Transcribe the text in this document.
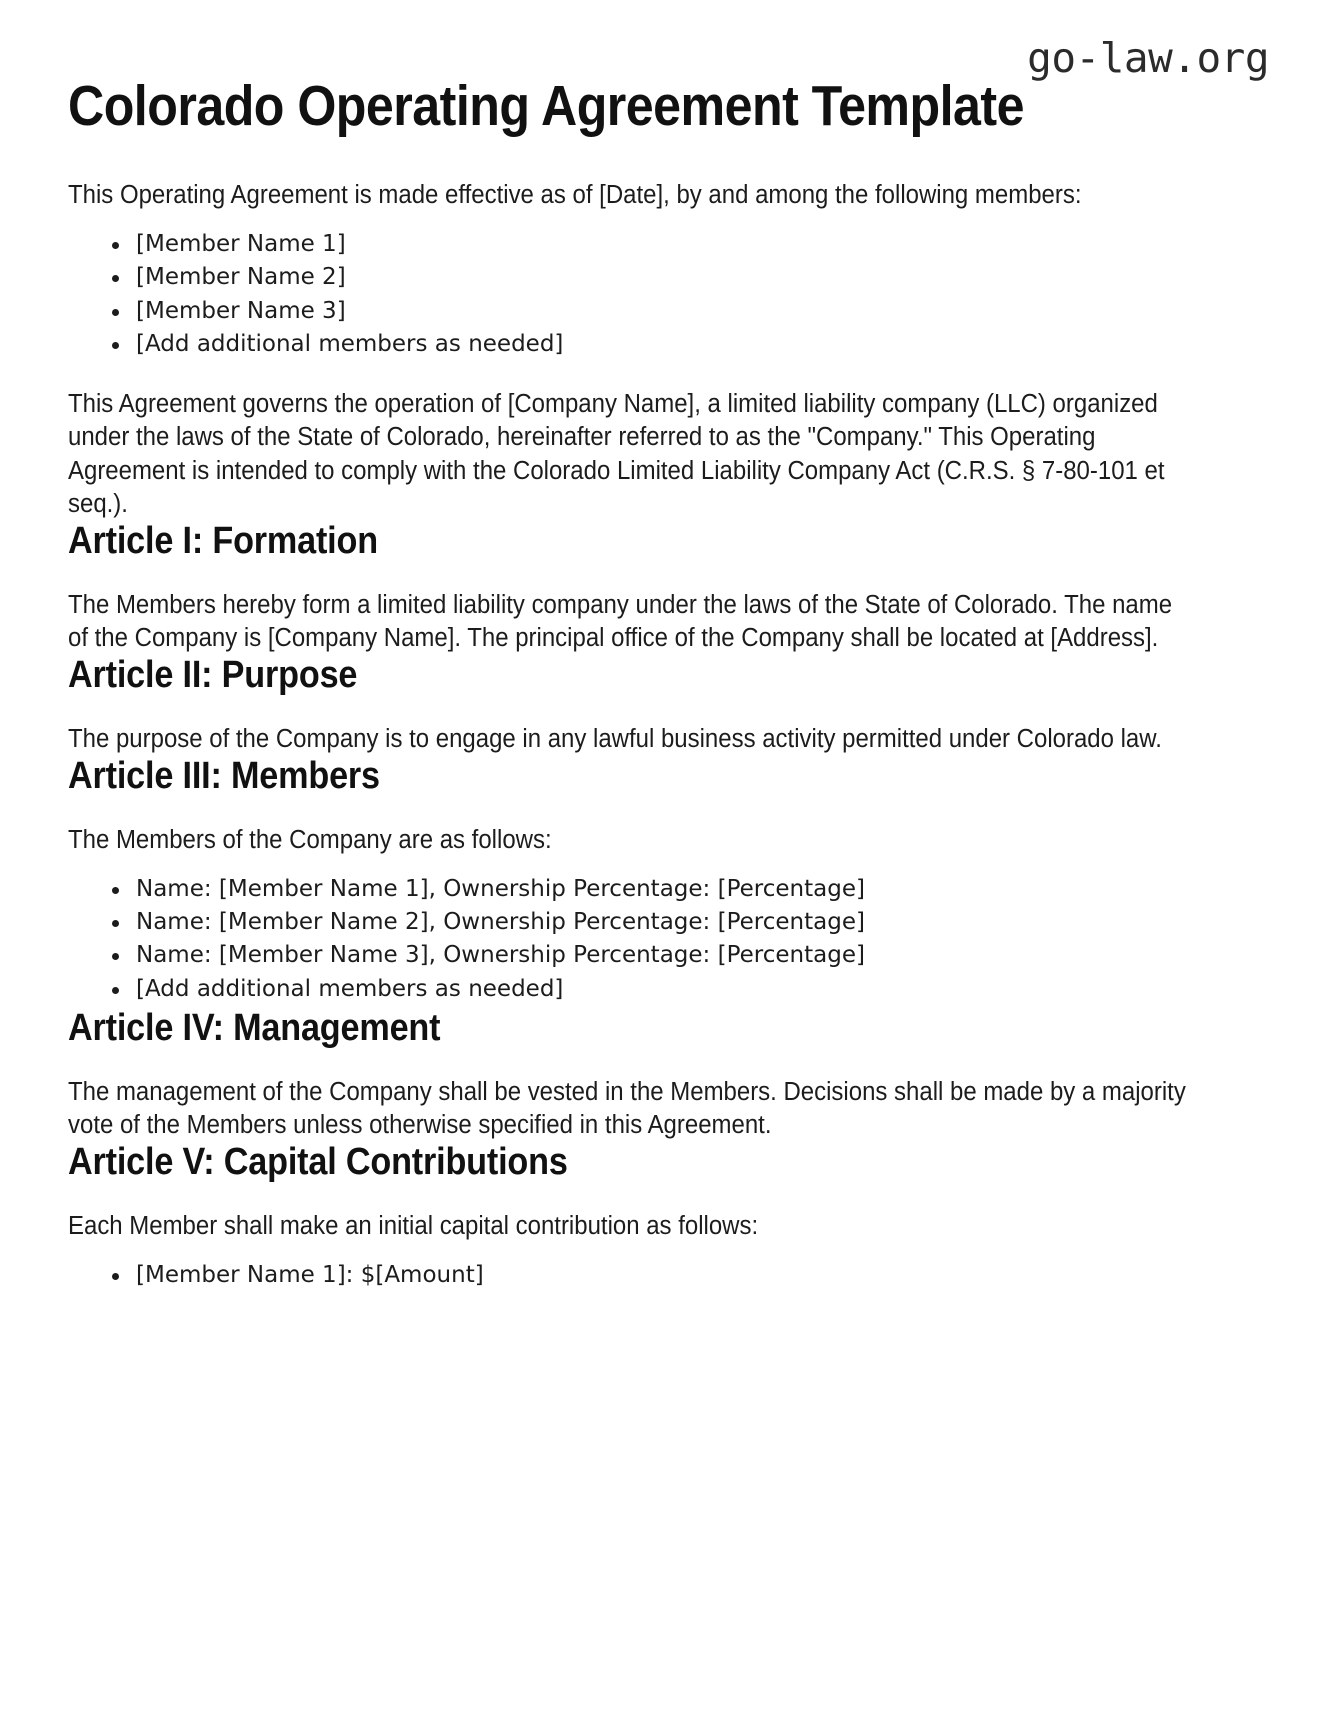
go-law.org
Colorado Operating Agreement Template

This Operating Agreement is made effective as of [Date], by and among the following members:

[Member Name 1]
[Member Name 2]
[Member Name 3]
[Add additional members as needed]

This Agreement governs the operation of [Company Name], a limited liability company (LLC) organized under the laws of the State of Colorado, hereinafter referred to as the "Company." This Operating Agreement is intended to comply with the Colorado Limited Liability Company Act (C.R.S. § 7-80-101 et seq.).

Article I: Formation

The Members hereby form a limited liability company under the laws of the State of Colorado. The name of the Company is [Company Name]. The principal office of the Company shall be located at [Address].

Article II: Purpose

The purpose of the Company is to engage in any lawful business activity permitted under Colorado law.

Article III: Members

The Members of the Company are as follows:

Name: [Member Name 1], Ownership Percentage: [Percentage]
Name: [Member Name 2], Ownership Percentage: [Percentage]
Name: [Member Name 3], Ownership Percentage: [Percentage]
[Add additional members as needed]
Article IV: Management

The management of the Company shall be vested in the Members. Decisions shall be made by a majority vote of the Members unless otherwise specified in this Agreement.

Article V: Capital Contributions

Each Member shall make an initial capital contribution as follows:

[Member Name 1]: $[Amount]
